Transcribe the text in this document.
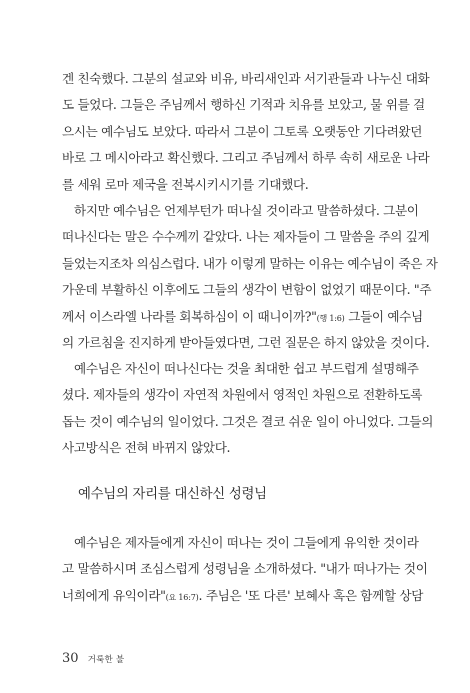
겐 친숙했다. 그분의 설교와 비유, 바리새인과 서기관들과 나누신 대화
도 들었다. 그들은 주님께서 행하신 기적과 치유를 보았고, 물 위를 걸
으시는 예수님도 보았다. 따라서 그분이 그토록 오랫동안 기다려왔던
바로 그 메시아라고 확신했다. 그리고 주님께서 하루 속히 새로운 나라
를 세워 로마 제국을 전복시키시기를 기대했다.
하지만 예수님은 언제부턴가 떠나실 것이라고 말씀하셨다. 그분이
떠나신다는 말은 수수께끼 같았다. 나는 제자들이 그 말씀을 주의 깊게
들었는지조차 의심스럽다. 내가 이렇게 말하는 이유는 예수님이 죽은 자
가운데 부활하신 이후에도 그들의 생각이 변함이 없었기 때문이다. "주
께서 이스라엘 나라를 회복하심이 이 때니이까?"(행 1:6) 그들이 예수님
의 가르침을 진지하게 받아들였다면, 그런 질문은 하지 않았을 것이다.
예수님은 자신이 떠나신다는 것을 최대한 쉽고 부드럽게 설명해주
셨다. 제자들의 생각이 자연적 차원에서 영적인 차원으로 전환하도록
돕는 것이 예수님의 일이었다. 그것은 결코 쉬운 일이 아니었다. 그들의
사고방식은 전혀 바뀌지 않았다.
예수님의 자리를 대신하신 성령님
예수님은 제자들에게 자신이 떠나는 것이 그들에게 유익한 것이라
고 말씀하시며 조심스럽게 성령님을 소개하셨다. "내가 떠나가는 것이
너희에게 유익이라"(요 16:7). 주님은 '또 다른' 보혜사 혹은 함께할 상담
30 거룩한 불
